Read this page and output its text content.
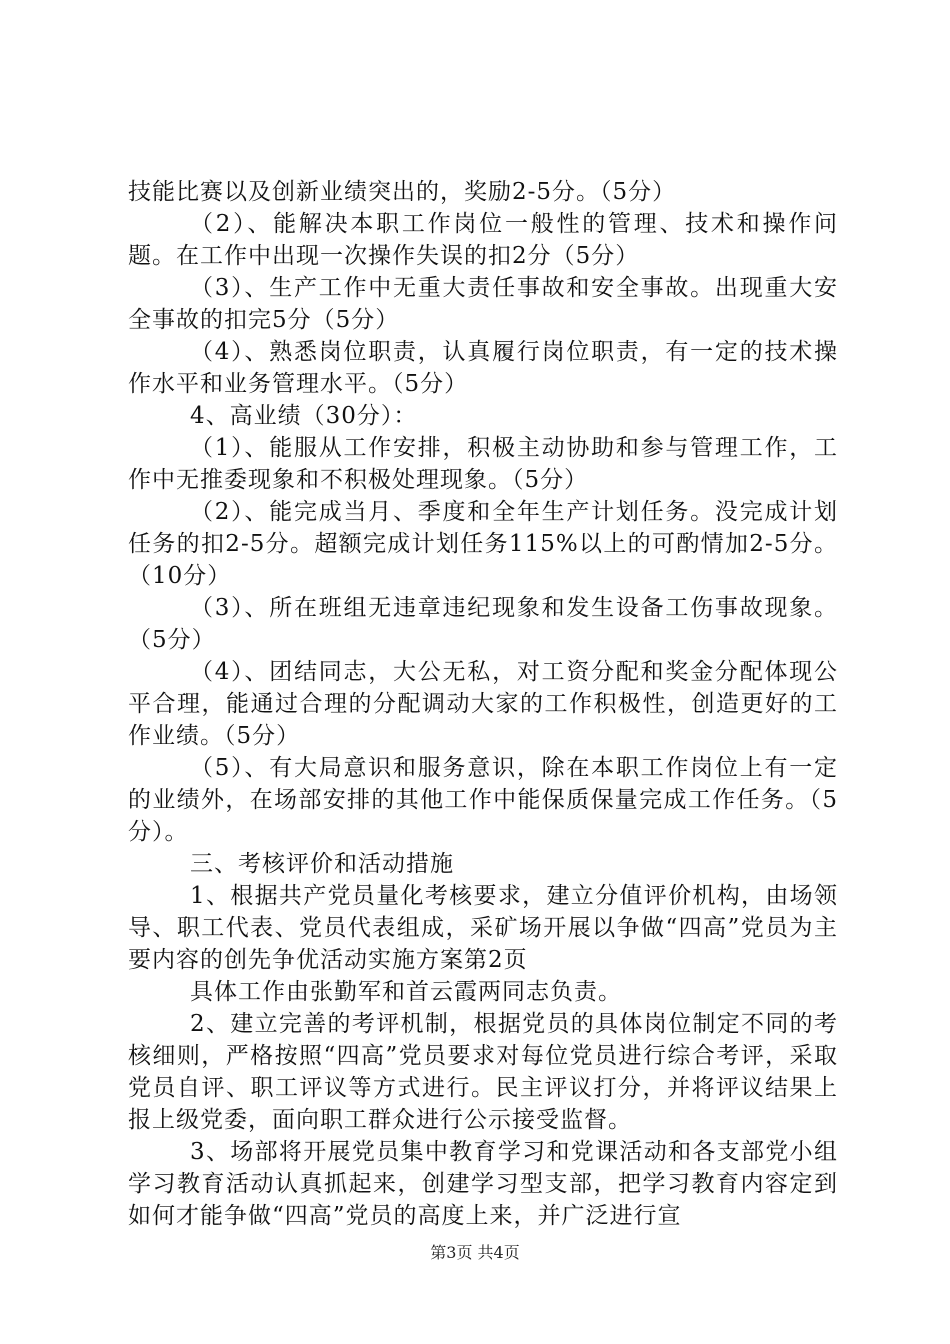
技能比赛以及创新业绩突出的，奖励2-5分。（5分）

（2）、能解决本职工作岗位一般性的管理、技术和操作问题。在工作中出现一次操作失误的扣2分（5分）

（3）、生产工作中无重大责任事故和安全事故。出现重大安全事故的扣完5分（5分）

（4）、熟悉岗位职责，认真履行岗位职责，有一定的技术操作水平和业务管理水平。（5分）

4、高业绩（30分）：

（1）、能服从工作安排，积极主动协助和参与管理工作，工作中无推委现象和不积极处理现象。（5分）

（2）、能完成当月、季度和全年生产计划任务。没完成计划任务的扣2-5分。超额完成计划任务115%以上的可酌情加2-5分。（10分）

（3）、所在班组无违章违纪现象和发生设备工伤事故现象。（5分）

（4）、团结同志，大公无私，对工资分配和奖金分配体现公平合理，能通过合理的分配调动大家的工作积极性，创造更好的工作业绩。（5分）

（5）、有大局意识和服务意识，除在本职工作岗位上有一定的业绩外，在场部安排的其他工作中能保质保量完成工作任务。（5分）。

三、考核评价和活动措施

1、根据共产党员量化考核要求，建立分值评价机构，由场领导、职工代表、党员代表组成，采矿场开展以争做“四高”党员为主要内容的创先争优活动实施方案第2页

具体工作由张勤军和首云霞两同志负责。

2、建立完善的考评机制，根据党员的具体岗位制定不同的考核细则，严格按照“四高”党员要求对每位党员进行综合考评，采取党员自评、职工评议等方式进行。民主评议打分，并将评议结果上报上级党委，面向职工群众进行公示接受监督。

3、场部将开展党员集中教育学习和党课活动和各支部党小组学习教育活动认真抓起来，创建学习型支部，把学习教育内容定到如何才能争做“四高”党员的高度上来，并广泛进行宣

第3页 共4页
